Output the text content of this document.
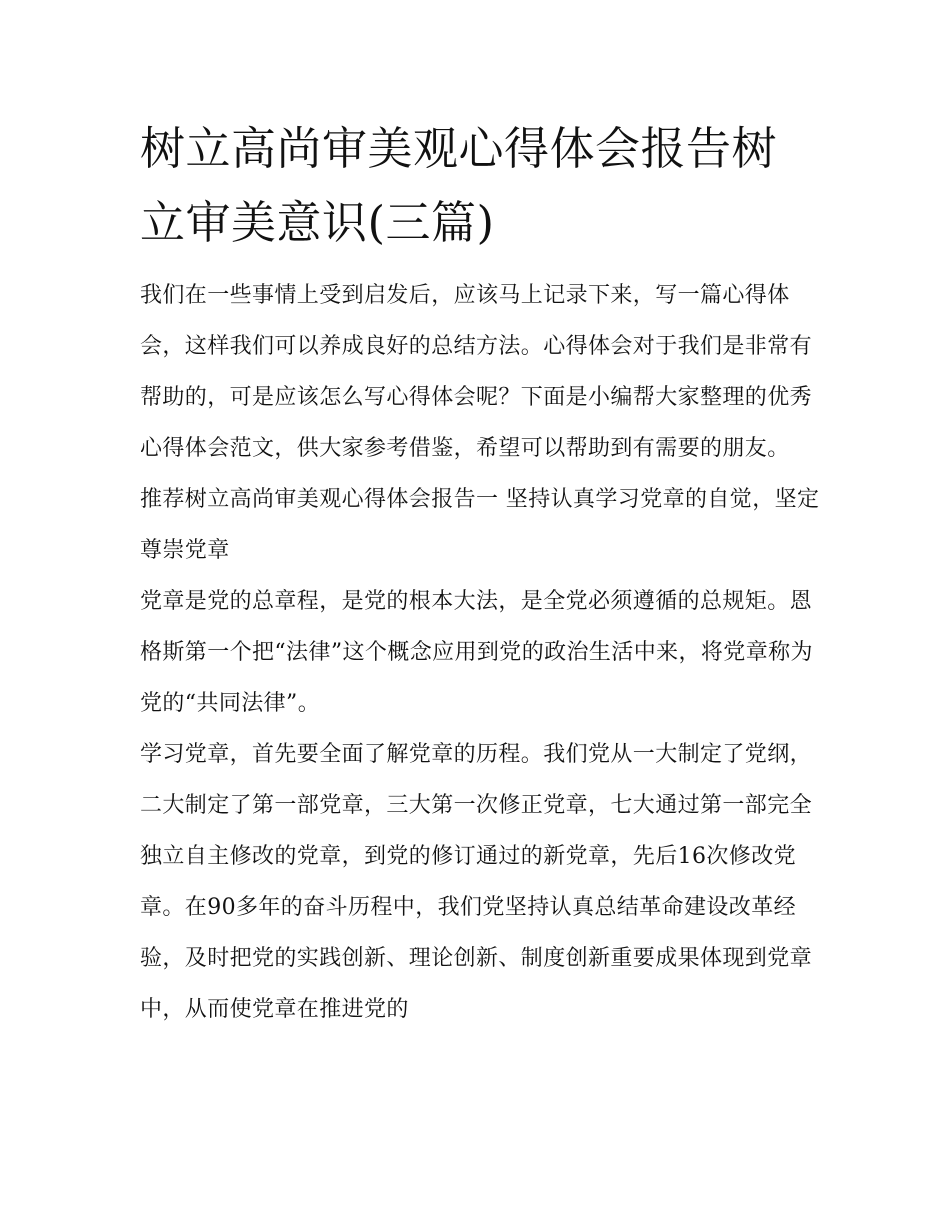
树立高尚审美观心得体会报告树立审美意识(三篇)

我们在一些事情上受到启发后，应该马上记录下来，写一篇心得体会，这样我们可以养成良好的总结方法。心得体会对于我们是非常有帮助的，可是应该怎么写心得体会呢？下面是小编帮大家整理的优秀心得体会范文，供大家参考借鉴，希望可以帮助到有需要的朋友。

推荐树立高尚审美观心得体会报告一 坚持认真学习党章的自觉，坚定尊崇党章

党章是党的总章程，是党的根本大法，是全党必须遵循的总规矩。恩格斯第一个把“法律”这个概念应用到党的政治生活中来，将党章称为党的“共同法律”。

学习党章，首先要全面了解党章的历程。我们党从一大制定了党纲，二大制定了第一部党章，三大第一次修正党章，七大通过第一部完全独立自主修改的党章，到党的修订通过的新党章，先后16次修改党章。在90多年的奋斗历程中，我们党坚持认真总结革命建设改革经验，及时把党的实践创新、理论创新、制度创新重要成果体现到党章中，从而使党章在推进党的
